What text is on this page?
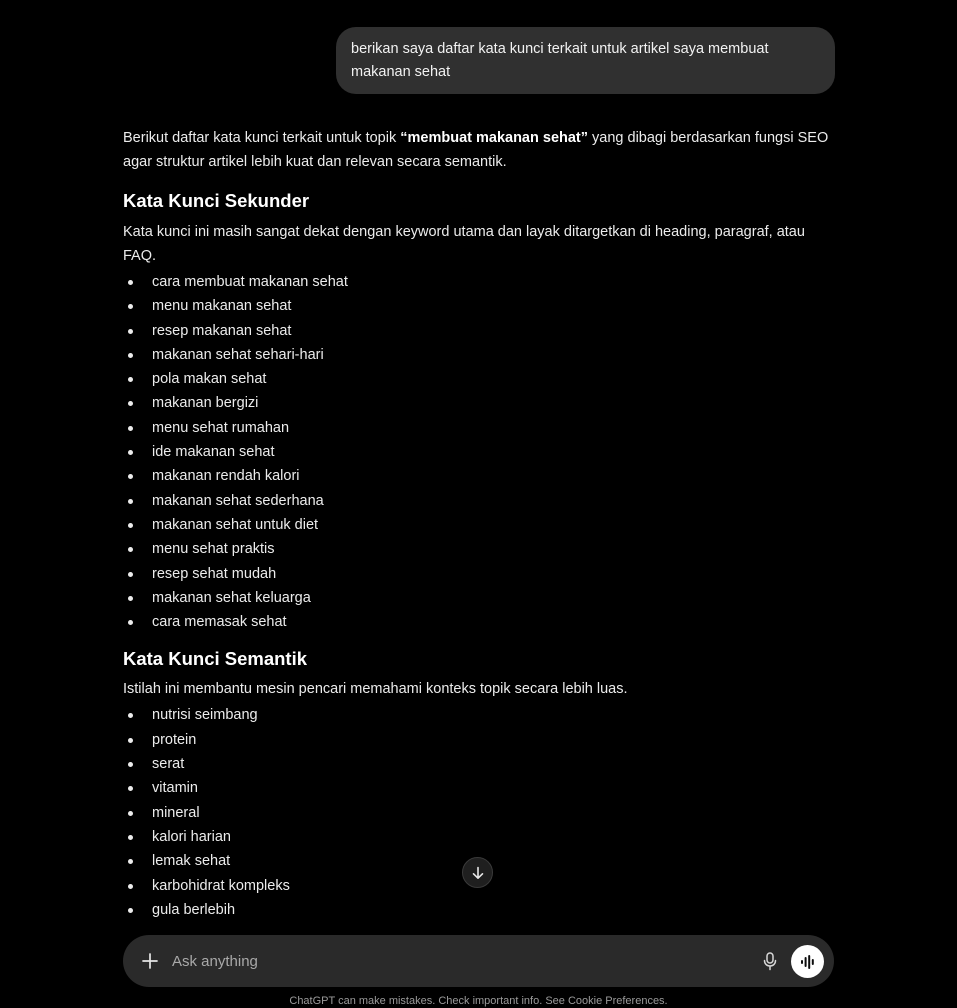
berikan saya daftar kata kunci terkait untuk artikel saya membuat makanan sehat

Berikut daftar kata kunci terkait untuk topik “membuat makanan sehat” yang dibagi berdasarkan fungsi SEO agar struktur artikel lebih kuat dan relevan secara semantik.

Kata Kunci Sekunder

Kata kunci ini masih sangat dekat dengan keyword utama dan layak ditargetkan di heading, paragraf, atau FAQ.

cara membuat makanan sehat
menu makanan sehat
resep makanan sehat
makanan sehat sehari-hari
pola makan sehat
makanan bergizi
menu sehat rumahan
ide makanan sehat
makanan rendah kalori
makanan sehat sederhana
makanan sehat untuk diet
menu sehat praktis
resep sehat mudah
makanan sehat keluarga
cara memasak sehat
Kata Kunci Semantik

Istilah ini membantu mesin pencari memahami konteks topik secara lebih luas.

nutrisi seimbang
protein
serat
vitamin
mineral
kalori harian
lemak sehat
karbohidrat kompleks
gula berlebih
Ask anything
ChatGPT can make mistakes. Check important info. See Cookie Preferences.
